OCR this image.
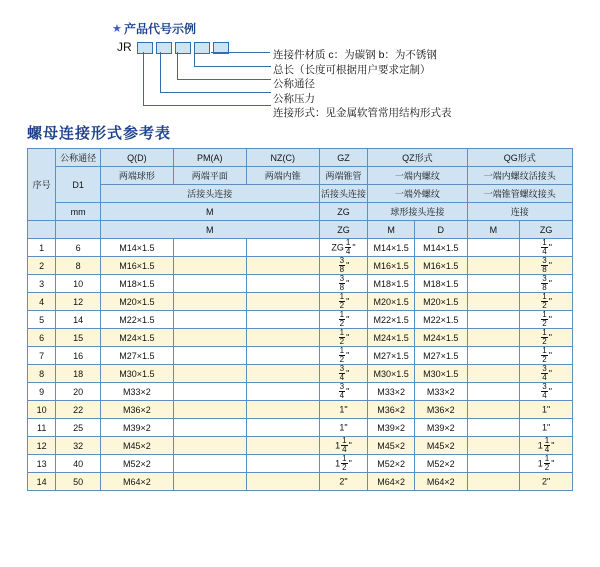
★ 产品代号示例
JR
连接件材质 c：为碳钢 b：为不锈钢
总长（长度可根据用户要求定制）
公称通径
公称压力
连接形式：见金属软管常用结构形式表
螺母连接形式参考表
序号	公称通径	Q(D)	PM(A)	NZ(C)	GZ	QZ形式		QG形式	
	D1	两端球形	两端平面	两端内锥	两端锥管	一端内螺纹		一端内螺纹活接头	
		活接头连接			活接头连接	一端外螺纹		一端锥管螺纹接头	
	mm	M			ZG	球形接头连接		连接	
		M			ZG	M	D	M	ZG
1	6	M14×1.5			ZG $\frac{1}{4}$ "	M14×1.5	M14×1.5		$\frac{1}{4}$ "
2	8	M16×1.5			$\frac{3}{8}$ "	M16×1.5	M16×1.5		$\frac{3}{8}$ "
3	10	M18×1.5			$\frac{3}{8}$ "	M18×1.5	M18×1.5		$\frac{3}{8}$ "
4	12	M20×1.5			$\frac{1}{2}$ "	M20×1.5	M20×1.5		$\frac{1}{2}$ "
5	14	M22×1.5			$\frac{1}{2}$ "	M22×1.5	M22×1.5		$\frac{1}{2}$ "
6	15	M24×1.5			$\frac{1}{2}$ "	M24×1.5	M24×1.5		$\frac{1}{2}$ "
7	16	M27×1.5			$\frac{1}{2}$ "	M27×1.5	M27×1.5		$\frac{1}{2}$ "
8	18	M30×1.5			$\frac{3}{4}$ "	M30×1.5	M30×1.5		$\frac{3}{4}$ "
9	20	M33×2			$\frac{3}{4}$ "	M33×2	M33×2		$\frac{3}{4}$ "
10	22	M36×2			1"	M36×2	M36×2		1"
11	25	M39×2			1"	M39×2	M39×2		1"
12	32	M45×2			$1 \frac{1}{4}$ "	M45×2	M45×2		$1 \frac{1}{4}$ "
13	40	M52×2			$1 \frac{1}{2}$ "	M52×2	M52×2		$1 \frac{1}{2}$ "
14	50	M64×2			2"	M64×2	M64×2		2"
